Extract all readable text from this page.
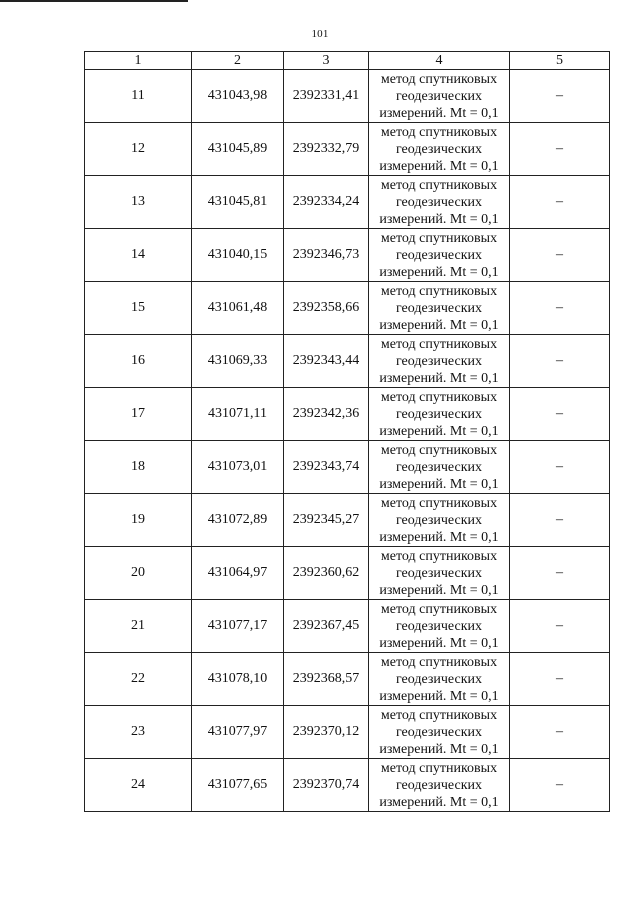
101
1	2	3	4	5
11	431043,98	2392331,41	метод спутниковых
геодезических
измерений. Mt = 0,1	–
12	431045,89	2392332,79	метод спутниковых
геодезических
измерений. Mt = 0,1	–
13	431045,81	2392334,24	метод спутниковых
геодезических
измерений. Mt = 0,1	–
14	431040,15	2392346,73	метод спутниковых
геодезических
измерений. Mt = 0,1	–
15	431061,48	2392358,66	метод спутниковых
геодезических
измерений. Mt = 0,1	–
16	431069,33	2392343,44	метод спутниковых
геодезических
измерений. Mt = 0,1	–
17	431071,11	2392342,36	метод спутниковых
геодезических
измерений. Mt = 0,1	–
18	431073,01	2392343,74	метод спутниковых
геодезических
измерений. Mt = 0,1	–
19	431072,89	2392345,27	метод спутниковых
геодезических
измерений. Mt = 0,1	–
20	431064,97	2392360,62	метод спутниковых
геодезических
измерений. Mt = 0,1	–
21	431077,17	2392367,45	метод спутниковых
геодезических
измерений. Mt = 0,1	–
22	431078,10	2392368,57	метод спутниковых
геодезических
измерений. Mt = 0,1	–
23	431077,97	2392370,12	метод спутниковых
геодезических
измерений. Mt = 0,1	–
24	431077,65	2392370,74	метод спутниковых
геодезических
измерений. Mt = 0,1	–
